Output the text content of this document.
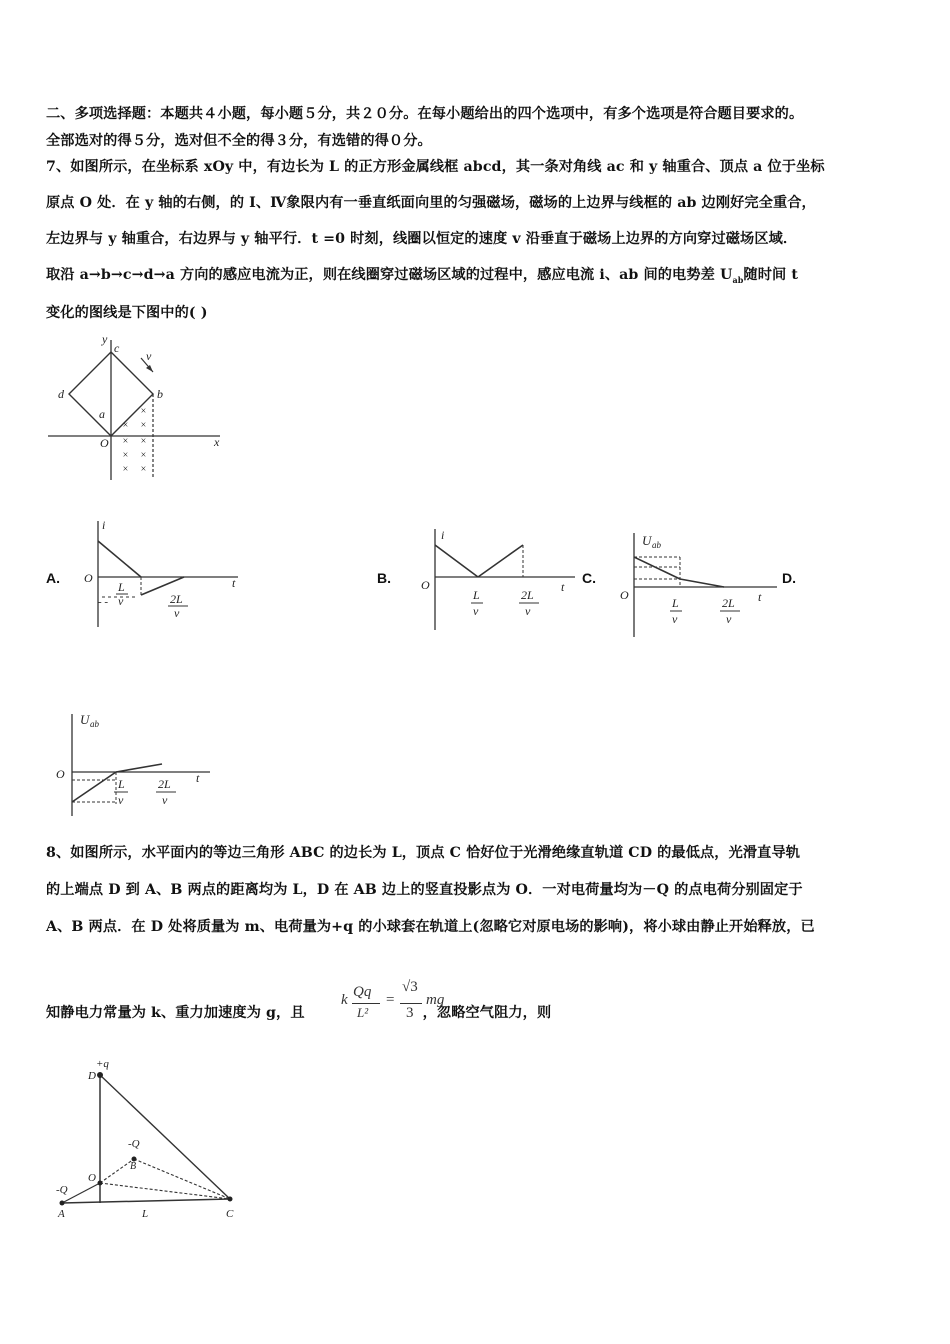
二、多项选择题：本题共４小题，每小题５分，共２０分。在每小题给出的四个选项中，有多个选项是符合题目要求的。
全部选对的得５分，选对但不全的得３分，有选错的得０分。
7、如图所示，在坐标系 xOy 中，有边长为 L 的正方形金属线框 abcd，其一条对角线 ac 和 y 轴重合、顶点 a 位于坐标
原点 O 处．在 y 轴的右侧，的 I、Ⅳ象限内有一垂直纸面向里的匀强磁场，磁场的上边界与线框的 ab 边刚好完全重合，
左边界与 y 轴重合，右边界与 y 轴平行．t =0 时刻，线圈以恒定的速度 v 沿垂直于磁场上边界的方向穿过磁场区域．
取沿 a→b→c→d→a 方向的感应电流为正，则在线圈穿过磁场区域的过程中，感应电流 i、ab 间的电势差 $U_{ab}$随时间 t
变化的图线是下图中的( )
y
x
c
v
d	b
a
O
×
× ×
× ×
× ×
× ×
A.
i
t
O
- -
L
v	2L
v
B.
i
t
O
L
v
2L
v
C.
U ab
t
O
L
v
2L
v
D.
U ab
t
O
L
v
2L
v
8、如图所示，水平面内的等边三角形 ABC 的边长为 L，顶点 C 恰好位于光滑绝缘直轨道 CD 的最低点，光滑直导轨
的上端点 D 到 A、B 两点的距离均为 L，D 在 AB 边上的竖直投影点为 O．一对电荷量均为－Q 的点电荷分别固定于
A、B 两点．在 D 处将质量为 m、电荷量为+q 的小球套在轨道上(忽略它对原电场的影响)，将小球由静止开始释放，已
知静电力常量为 k、重力加速度为 g，且	，忽略空气阻力，则
k Qq
L²
=
√3
3
mg
+q
D
-Q
B
O
-Q
A	L	C
